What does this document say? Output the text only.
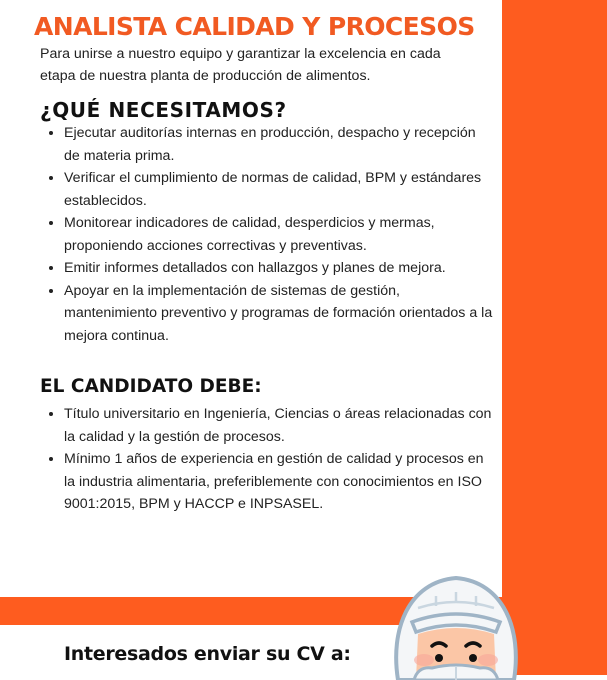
ANALISTA CALIDAD Y PROCESOS
Para unirse a nuestro equipo y garantizar la excelencia en cada etapa de nuestra planta de producción de alimentos.
¿QUÉ NECESITAMOS?
• Ejecutar auditorías internas en producción, despacho y recepción de materia prima.
• Verificar el cumplimiento de normas de calidad, BPM y estándares establecidos.
• Monitorear indicadores de calidad, desperdicios y mermas, proponiendo acciones correctivas y preventivas.
• Emitir informes detallados con hallazgos y planes de mejora.
• Apoyar en la implementación de sistemas de gestión, mantenimiento preventivo y programas de formación orientados a la mejora continua.
EL CANDIDATO DEBE:
• Título universitario en Ingeniería, Ciencias o áreas relacionadas con la calidad y la gestión de procesos.
• Mínimo 1 años de experiencia en gestión de calidad y procesos en la industria alimentaria, preferiblemente con conocimientos en ISO 9001:2015, BPM y HACCP e INPSASEL.
Interesados enviar su CV a:
